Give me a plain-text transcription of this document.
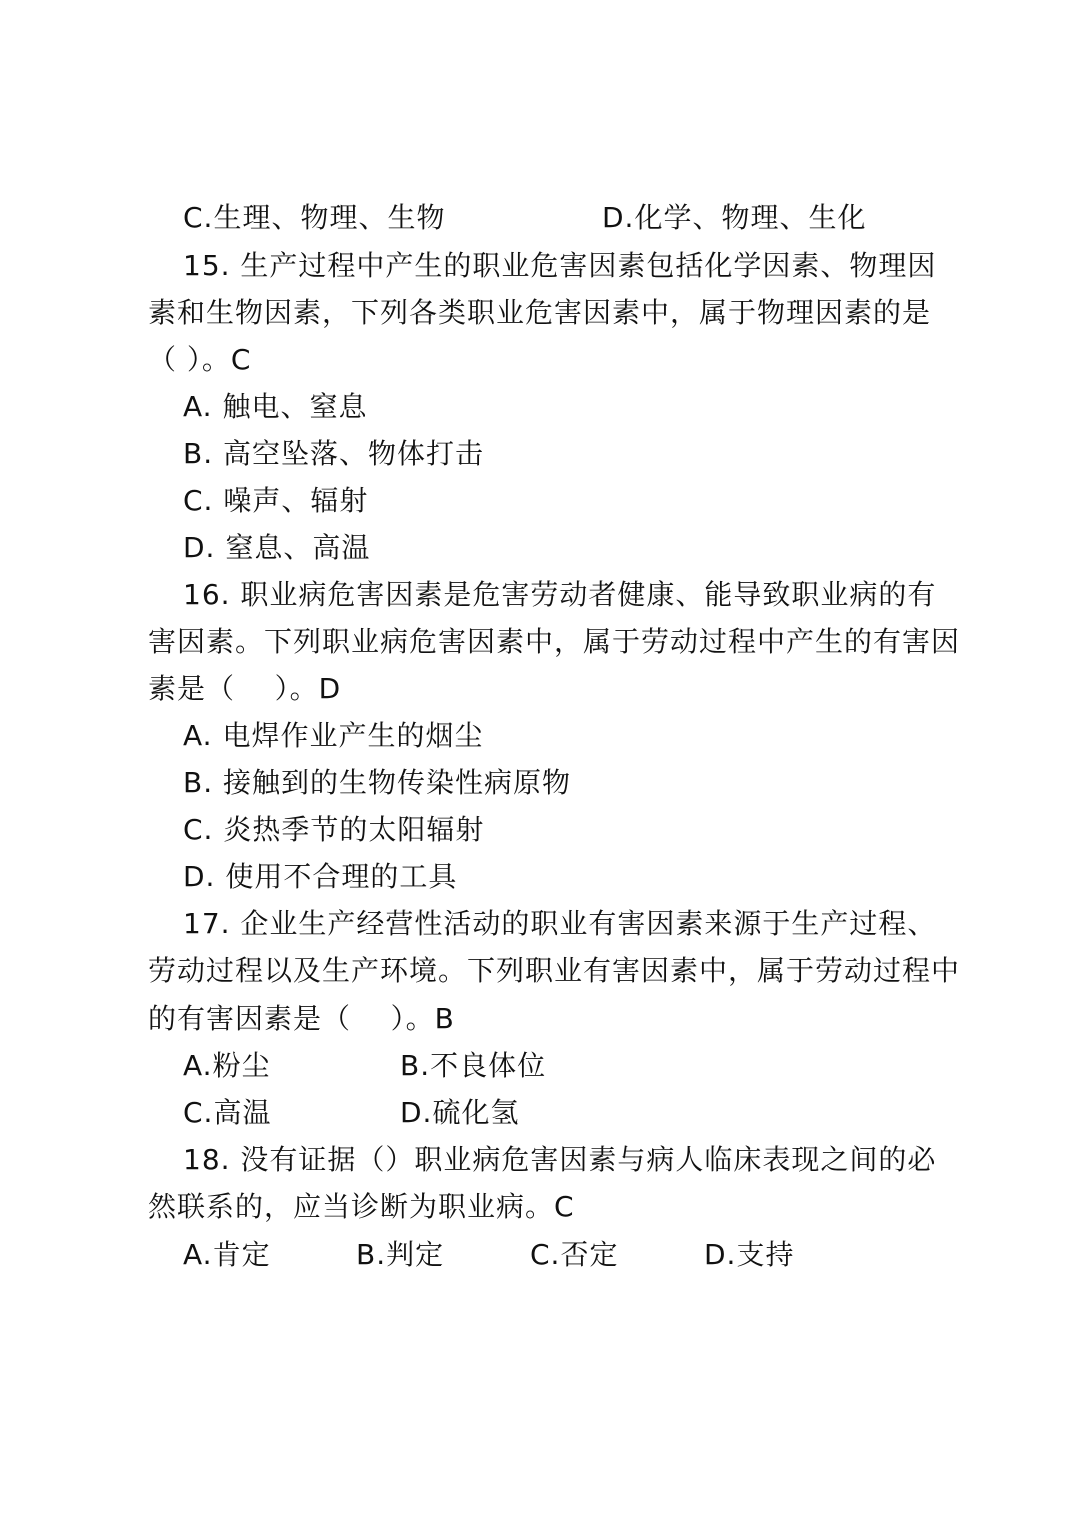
C.生理、物理、生物	D.化学、物理、生化
15. 生产过程中产生的职业危害因素包括化学因素、物理因
素和生物因素，下列各类职业危害因素中，属于物理因素的是
（ ）。C
A. 触电、窒息
B. 高空坠落、物体打击
C. 噪声、辐射
D. 窒息、高温
16. 职业病危害因素是危害劳动者健康、能导致职业病的有
害因素。下列职业病危害因素中，属于劳动过程中产生的有害因
素是（    ）。D
A. 电焊作业产生的烟尘
B. 接触到的生物传染性病原物
C. 炎热季节的太阳辐射
D. 使用不合理的工具
17. 企业生产经营性活动的职业有害因素来源于生产过程、
劳动过程以及生产环境。下列职业有害因素中，属于劳动过程中
的有害因素是（    ）。B
A.粉尘	B.不良体位
C.高温	D.硫化氢
18. 没有证据（）职业病危害因素与病人临床表现之间的必
然联系的，应当诊断为职业病。C
A.肯定	B.判定	C.否定	D.支持
